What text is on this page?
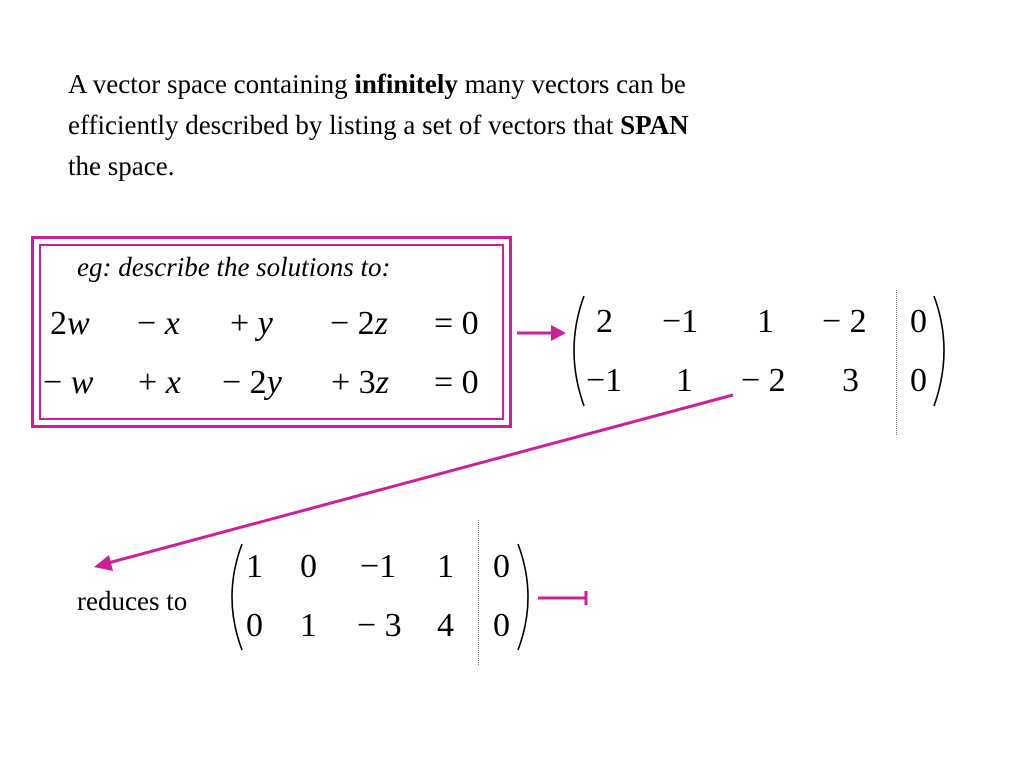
A vector space containing infinitely many vectors can be
efficiently described by listing a set of vectors that SPAN
the space.
eg: describe the solutions to:
2w − x + y − 2z = 0
− w + x − 2y + 3z = 0
2 −1 1 − 2 0
−1 1 − 2 3 0
reduces to
1 0 −1 1 0
0 1 − 3 4 0
